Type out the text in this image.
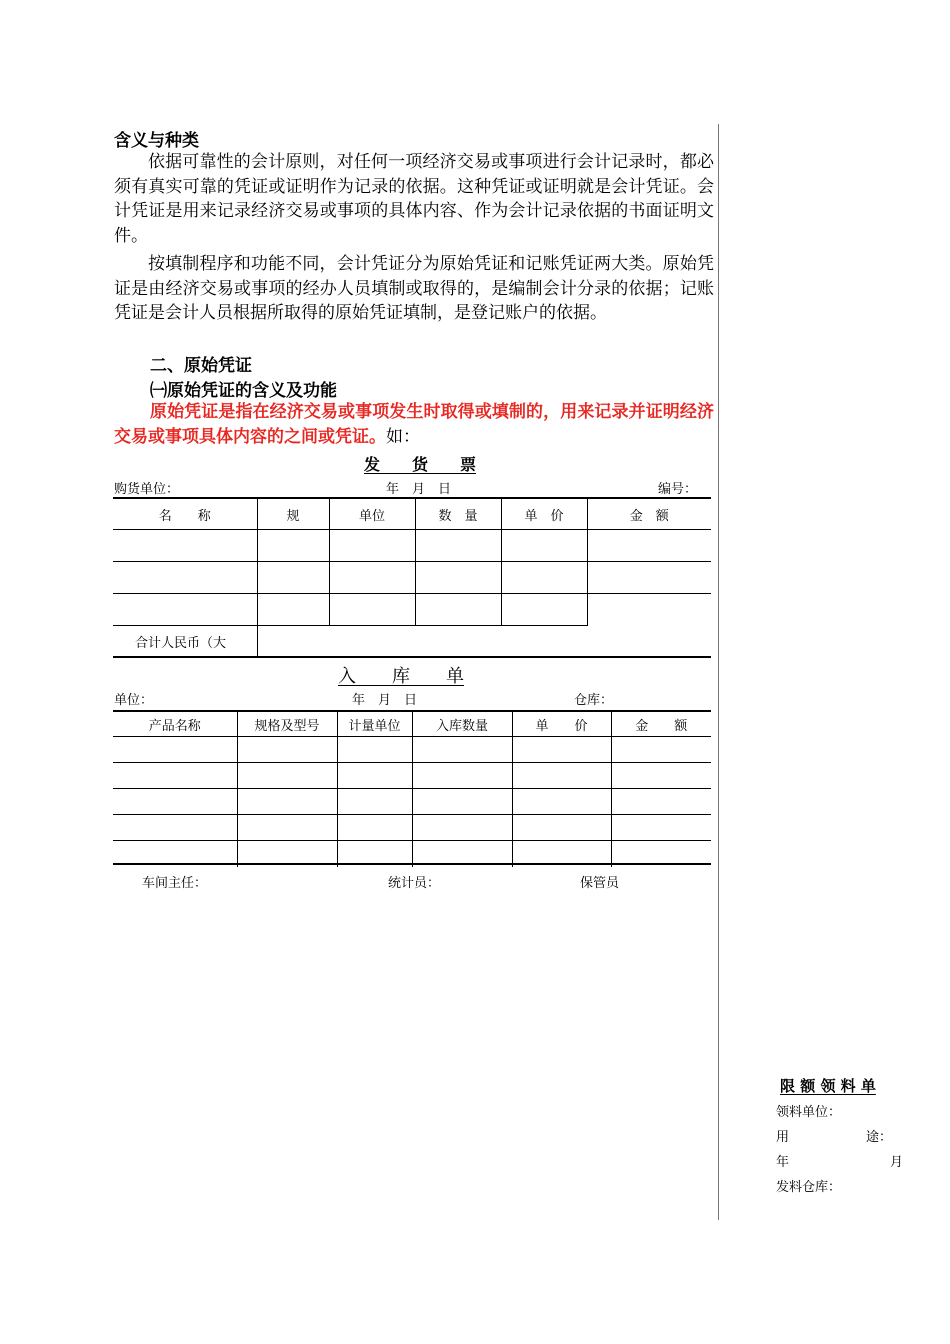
含义与种类
依据可靠性的会计原则，对任何一项经济交易或事项进行会计记录时，都必须有真实可靠的凭证或证明作为记录的依据。这种凭证或证明就是会计凭证。会计凭证是用来记录经济交易或事项的具体内容、作为会计记录依据的书面证明文件。
按填制程序和功能不同，会计凭证分为原始凭证和记账凭证两大类。原始凭证是由经济交易或事项的经办人员填制或取得的，是编制会计分录的依据；记账凭证是会计人员根据所取得的原始凭证填制，是登记账户的依据。
二、原始凭证
㈠原始凭证的含义及功能
原始凭证是指在经济交易或事项发生时取得或填制的，用来记录并证明经济交易或事项具体内容的之间或凭证。如：
发　　货　　票
购货单位：	年　月　日	编号：
名　　称	规	单位	数　量	单　价	金　额

合计人民币（大					
入　　库　　单
单位：	年　月　日	仓库：
产品名称	规格及型号	计量单位	入库数量	单　　价	金　　额

车间主任：	统计员：	保管员
限 额 领 料 单
领料单位：
用	途：
年	月
发料仓库：
